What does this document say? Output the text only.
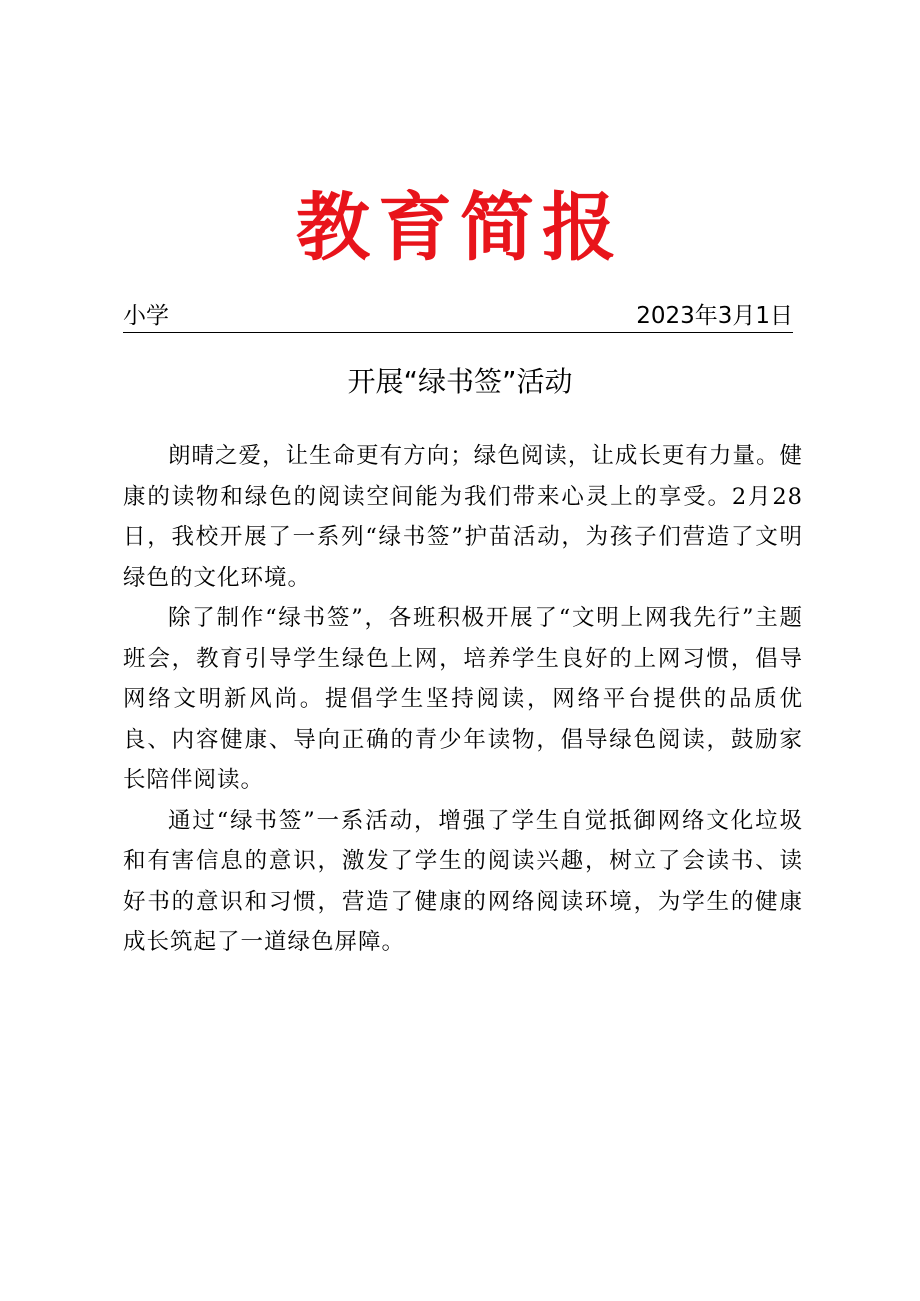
教育简报
小学	2023年3月1日
开展“绿书签”活动

朗晴之爱，让生命更有方向；绿色阅读，让成长更有力量。健康的读物和绿色的阅读空间能为我们带来心灵上的享受。2月28日，我校开展了一系列“绿书签”护苗活动，为孩子们营造了文明绿色的文化环境。

除了制作“绿书签”，各班积极开展了“文明上网我先行”主题班会，教育引导学生绿色上网，培养学生良好的上网习惯，倡导网络文明新风尚。提倡学生坚持阅读，网络平台提供的品质优良、内容健康、导向正确的青少年读物，倡导绿色阅读，鼓励家长陪伴阅读。

通过“绿书签”一系活动，增强了学生自觉抵御网络文化垃圾和有害信息的意识，激发了学生的阅读兴趣，树立了会读书、读好书的意识和习惯，营造了健康的网络阅读环境，为学生的健康成长筑起了一道绿色屏障。
